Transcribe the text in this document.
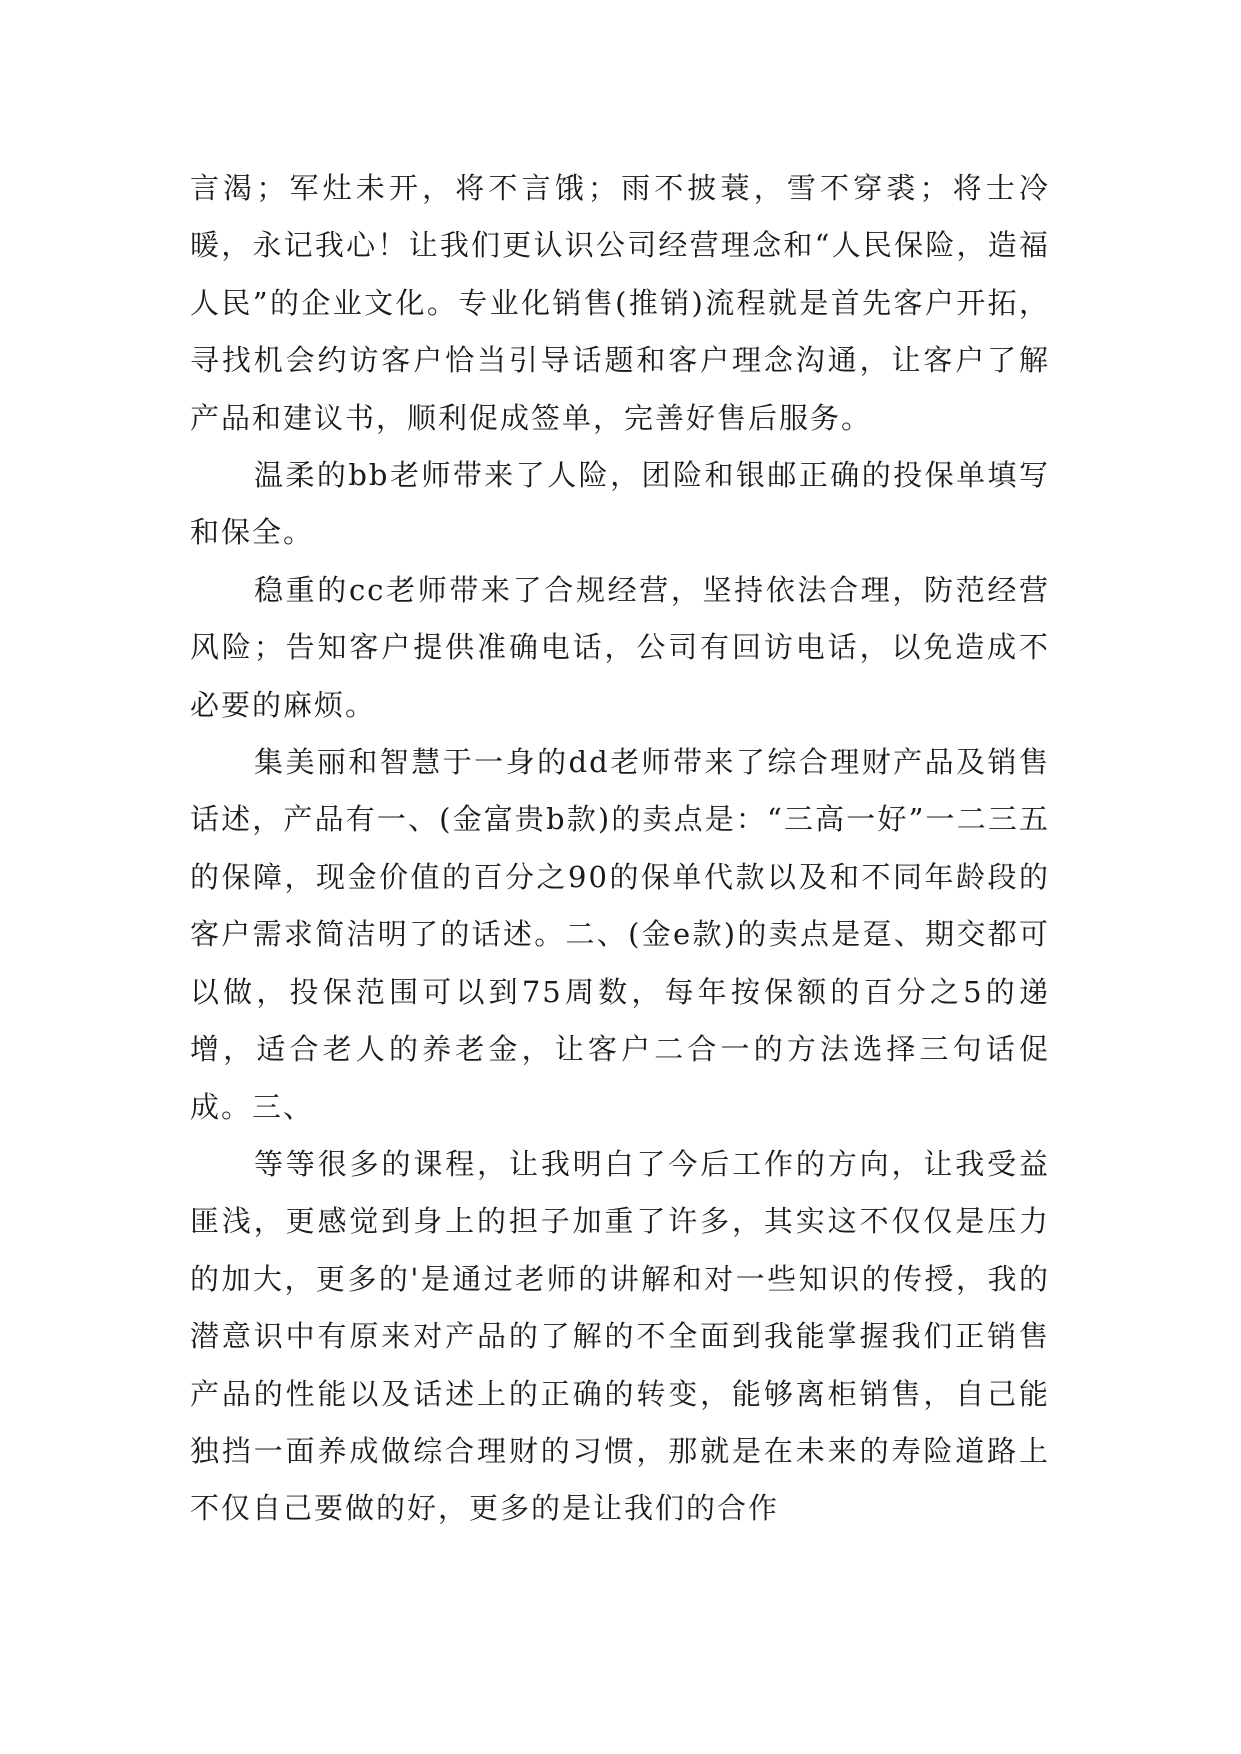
言渴；军灶未开，将不言饿；雨不披蓑，雪不穿裘；将士冷暖，永记我心！让我们更认识公司经营理念和“人民保险，造福人民”的企业文化。专业化销售(推销)流程就是首先客户开拓，寻找机会约访客户恰当引导话题和客户理念沟通，让客户了解产品和建议书，顺利促成签单，完善好售后服务。

温柔的bb老师带来了人险，团险和银邮正确的投保单填写和保全。

稳重的cc老师带来了合规经营，坚持依法合理，防范经营风险；告知客户提供准确电话，公司有回访电话，以免造成不必要的麻烦。

集美丽和智慧于一身的dd老师带来了综合理财产品及销售话述，产品有一、(金富贵b款)的卖点是：“三高一好”一二三五的保障，现金价值的百分之90的保单代款以及和不同年龄段的客户需求简洁明了的话述。二、(金e款)的卖点是趸、期交都可以做，投保范围可以到75周数，每年按保额的百分之5的递增，适合老人的养老金，让客户二合一的方法选择三句话促成。三、

等等很多的课程，让我明白了今后工作的方向，让我受益匪浅，更感觉到身上的担子加重了许多，其实这不仅仅是压力的加大，更多的'是通过老师的讲解和对一些知识的传授，我的潜意识中有原来对产品的了解的不全面到我能掌握我们正销售产品的性能以及话述上的正确的转变，能够离柜销售，自己能独挡一面养成做综合理财的习惯，那就是在未来的寿险道路上不仅自己要做的好，更多的是让我们的合作
